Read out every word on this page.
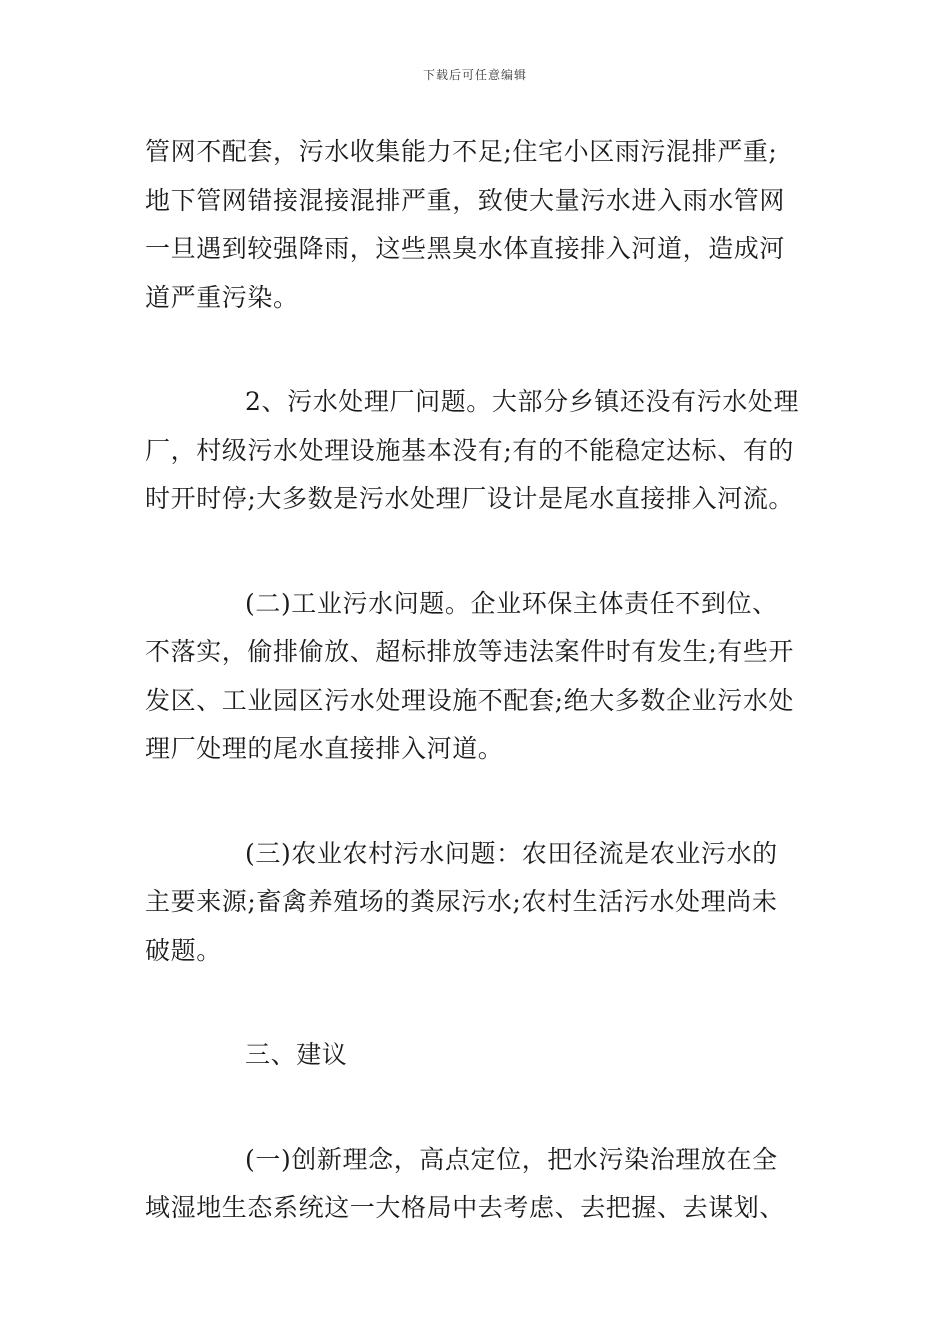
下载后可任意编辑
管网不配套，污水收集能力不足;住宅小区雨污混排严重;
地下管网错接混接混排严重，致使大量污水进入雨水管网
一旦遇到较强降雨，这些黑臭水体直接排入河道，造成河
道严重污染。
2、污水处理厂问题。大部分乡镇还没有污水处理
厂，村级污水处理设施基本没有;有的不能稳定达标、有的
时开时停;大多数是污水处理厂设计是尾水直接排入河流。
(二)工业污水问题。企业环保主体责任不到位、
不落实，偷排偷放、超标排放等违法案件时有发生;有些开
发区、工业园区污水处理设施不配套;绝大多数企业污水处
理厂处理的尾水直接排入河道。
(三)农业农村污水问题：农田径流是农业污水的
主要来源;畜禽养殖场的粪尿污水;农村生活污水处理尚未
破题。
三、建议
(一)创新理念，高点定位，把水污染治理放在全
域湿地生态系统这一大格局中去考虑、去把握、去谋划、
